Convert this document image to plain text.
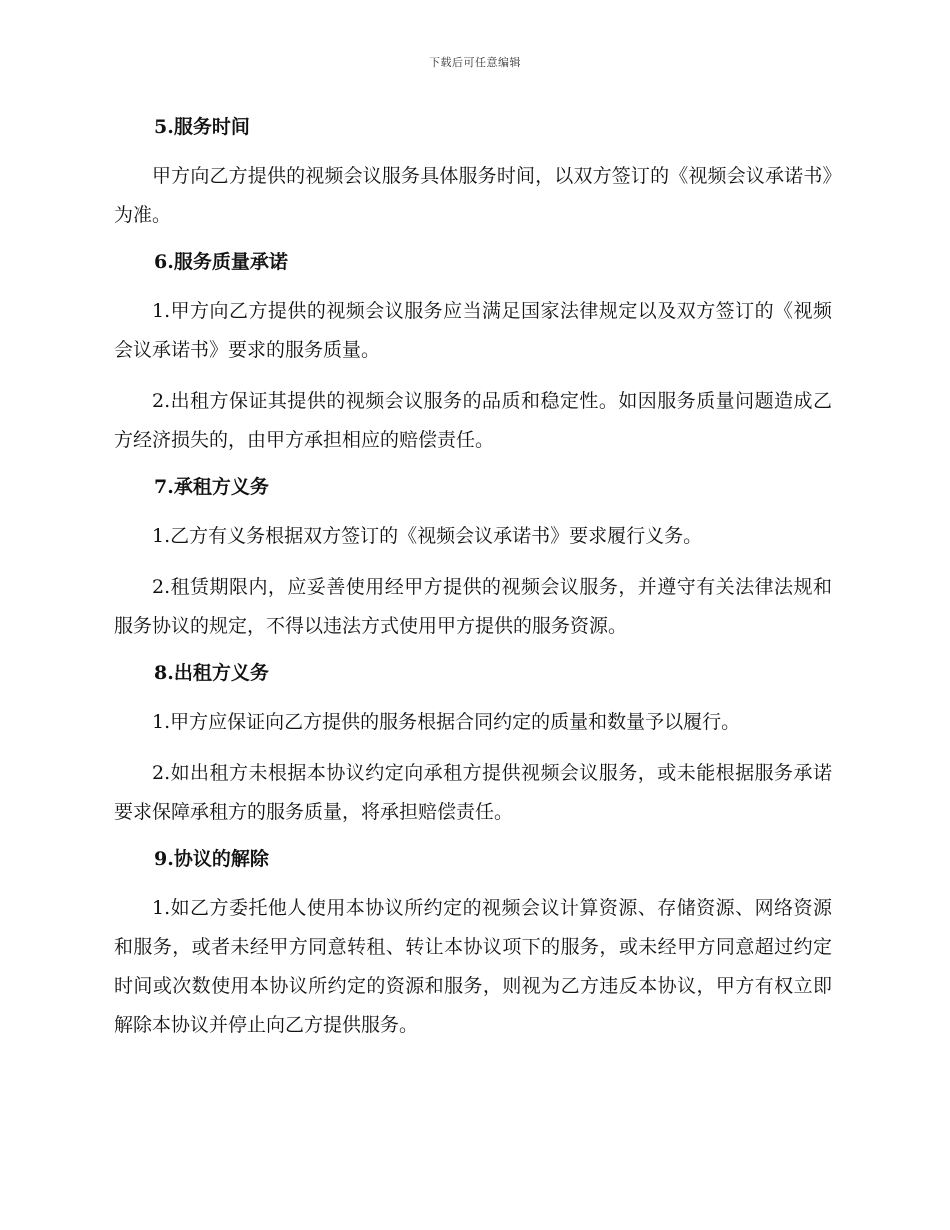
下载后可任意编辑
5.服务时间

甲方向乙方提供的视频会议服务具体服务时间，以双方签订的《视频会议承诺书》为准。

6.服务质量承诺

1.甲方向乙方提供的视频会议服务应当满足国家法律规定以及双方签订的《视频会议承诺书》要求的服务质量。

2.出租方保证其提供的视频会议服务的品质和稳定性。如因服务质量问题造成乙方经济损失的，由甲方承担相应的赔偿责任。

7.承租方义务

1.乙方有义务根据双方签订的《视频会议承诺书》要求履行义务。

2.租赁期限内，应妥善使用经甲方提供的视频会议服务，并遵守有关法律法规和服务协议的规定，不得以违法方式使用甲方提供的服务资源。

8.出租方义务

1.甲方应保证向乙方提供的服务根据合同约定的质量和数量予以履行。

2.如出租方未根据本协议约定向承租方提供视频会议服务，或未能根据服务承诺要求保障承租方的服务质量，将承担赔偿责任。

9.协议的解除

1.如乙方委托他人使用本协议所约定的视频会议计算资源、存储资源、网络资源和服务，或者未经甲方同意转租、转让本协议项下的服务，或未经甲方同意超过约定时间或次数使用本协议所约定的资源和服务，则视为乙方违反本协议，甲方有权立即解除本协议并停止向乙方提供服务。
